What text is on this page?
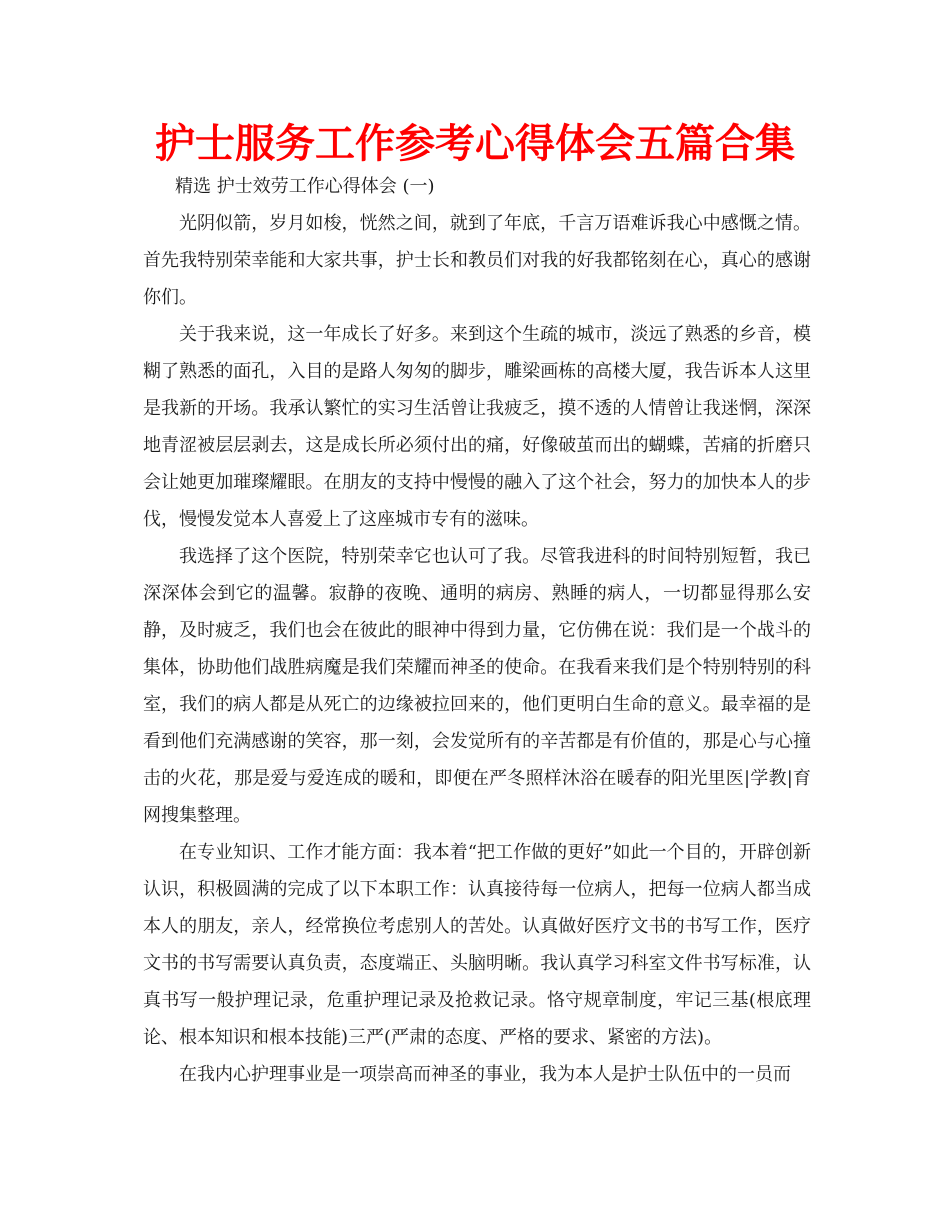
护士服务工作参考心得体会五篇合集

精选 护士效劳工作心得体会 (一)

光阴似箭，岁月如梭，恍然之间，就到了年底，千言万语难诉我心中感慨之情。首先我特别荣幸能和大家共事，护士长和教员们对我的好我都铭刻在心，真心的感谢你们。

关于我来说，这一年成长了好多。来到这个生疏的城市，淡远了熟悉的乡音，模糊了熟悉的面孔，入目的是路人匆匆的脚步，雕梁画栋的高楼大厦，我告诉本人这里是我新的开场。我承认繁忙的实习生活曾让我疲乏，摸不透的人情曾让我迷惘，深深地青涩被层层剥去，这是成长所必须付出的痛，好像破茧而出的蝴蝶，苦痛的折磨只会让她更加璀璨耀眼。在朋友的支持中慢慢的融入了这个社会，努力的加快本人的步伐，慢慢发觉本人喜爱上了这座城市专有的滋味。

我选择了这个医院，特别荣幸它也认可了我。尽管我进科的时间特别短暂，我已深深体会到它的温馨。寂静的夜晚、通明的病房、熟睡的病人，一切都显得那么安静，及时疲乏，我们也会在彼此的眼神中得到力量，它仿佛在说：我们是一个战斗的集体，协助他们战胜病魔是我们荣耀而神圣的使命。在我看来我们是个特别特别的科室，我们的病人都是从死亡的边缘被拉回来的，他们更明白生命的意义。最幸福的是看到他们充满感谢的笑容，那一刻，会发觉所有的辛苦都是有价值的，那是心与心撞击的火花，那是爱与爱连成的暖和，即便在严冬照样沐浴在暖春的阳光里医|学教|育网搜集整理。

在专业知识、工作才能方面：我本着“把工作做的更好”如此一个目的，开辟创新认识，积极圆满的完成了以下本职工作：认真接待每一位病人，把每一位病人都当成本人的朋友，亲人，经常换位考虑别人的苦处。认真做好医疗文书的书写工作，医疗文书的书写需要认真负责，态度端正、头脑明晰。我认真学习科室文件书写标准，认真书写一般护理记录，危重护理记录及抢救记录。恪守规章制度，牢记三基(根底理论、根本知识和根本技能)三严(严肃的态度、严格的要求、紧密的方法)。

在我内心护理事业是一项崇高而神圣的事业，我为本人是护士队伍中的一员而
